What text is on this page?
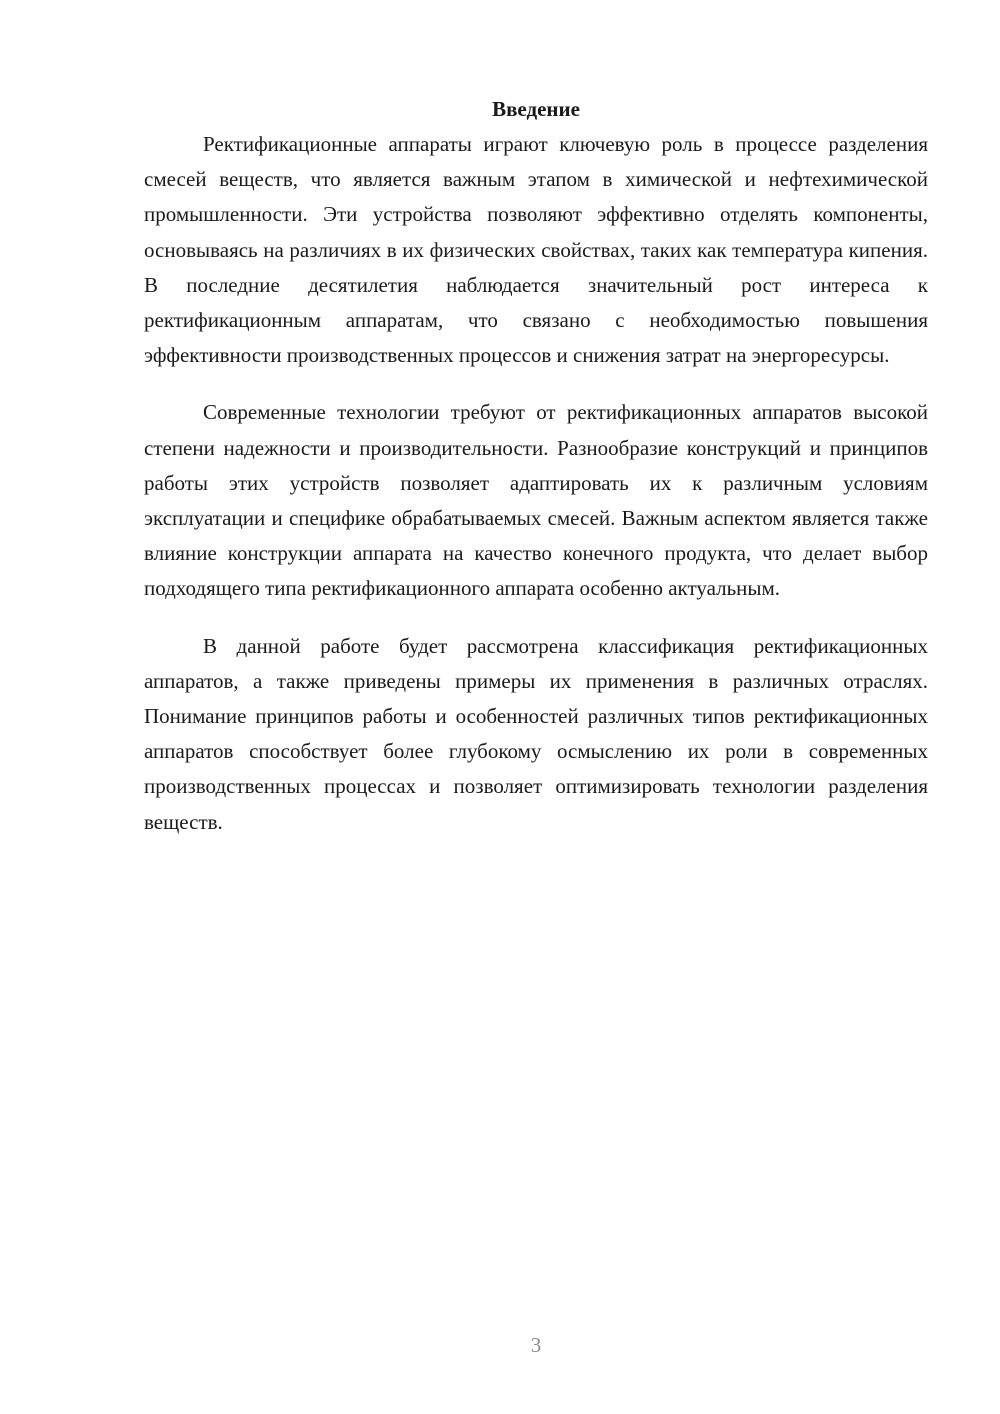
Введение

Ректификационные аппараты играют ключевую роль в процессе разделения смесей веществ, что является важным этапом в химической и нефтехимической промышленности. Эти устройства позволяют эффективно отделять компоненты, основываясь на различиях в их физических свойствах, таких как температура кипения. В последние десятилетия наблюдается значительный рост интереса к ректификационным аппаратам, что связано с необходимостью повышения эффективности производственных процессов и снижения затрат на энергоресурсы.

Современные технологии требуют от ректификационных аппаратов высокой степени надежности и производительности. Разнообразие конструкций и принципов работы этих устройств позволяет адаптировать их к различным условиям эксплуатации и специфике обрабатываемых смесей. Важным аспектом является также влияние конструкции аппарата на качество конечного продукта, что делает выбор подходящего типа ректификационного аппарата особенно актуальным.

В данной работе будет рассмотрена классификация ректификационных аппаратов, а также приведены примеры их применения в различных отраслях. Понимание принципов работы и особенностей различных типов ректификационных аппаратов способствует более глубокому осмыслению их роли в современных производственных процессах и позволяет оптимизировать технологии разделения веществ.

3
